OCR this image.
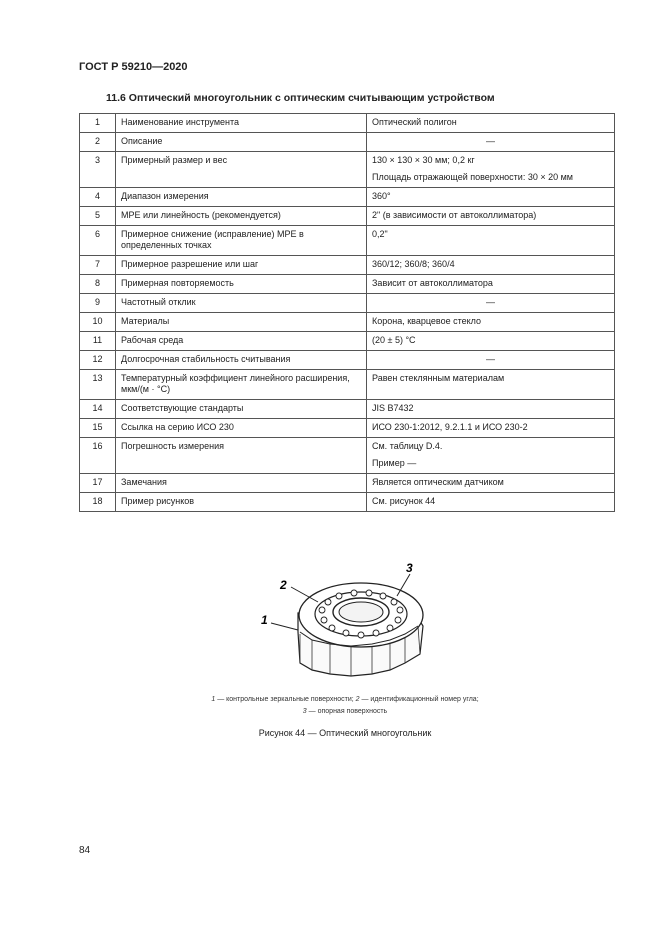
ГОСТ Р 59210—2020
11.6 Оптический многоугольник с оптическим считывающим устройством
1	Наименование инструмента	Оптический полигон

2	Описание	—

3	Примерный размер и вес	130 × 130 × 30 мм; 0,2 кг
Площадь отражающей поверхности: 30 × 20 мм

4	Диапазон измерения	360°

5	MPE или линейность (рекомендуется)	2" (в зависимости от автоколлиматора)

6	Примерное снижение (исправление) MPE в определенных точках	0,2"

7	Примерное разрешение или шаг	360/12; 360/8; 360/4

8	Примерная повторяемость	Зависит от автоколлиматора

9	Частотный отклик	—

10	Материалы	Корона, кварцевое стекло

11	Рабочая среда	(20 ± 5) °С

12	Долгосрочная стабильность считывания	—

13	Температурный коэффициент линейного расширения, мкм/(м · °С)	Равен стеклянным материалам

14	Соответствующие стандарты	JIS B7432

15	Ссылка на серию ИСО 230	ИСО 230-1:2012, 9.2.1.1 и ИСО 230-2

16	Погрешность измерения	См. таблицу D.4.
Пример —

17	Замечания	Является оптическим датчиком

18	Пример рисунков	См. рисунок 44
1
2
3
1 — контрольные зеркальные поверхности; 2 — идентификационный номер угла;
3 — опорная поверхность
Рисунок 44 — Оптический многоугольник
84
